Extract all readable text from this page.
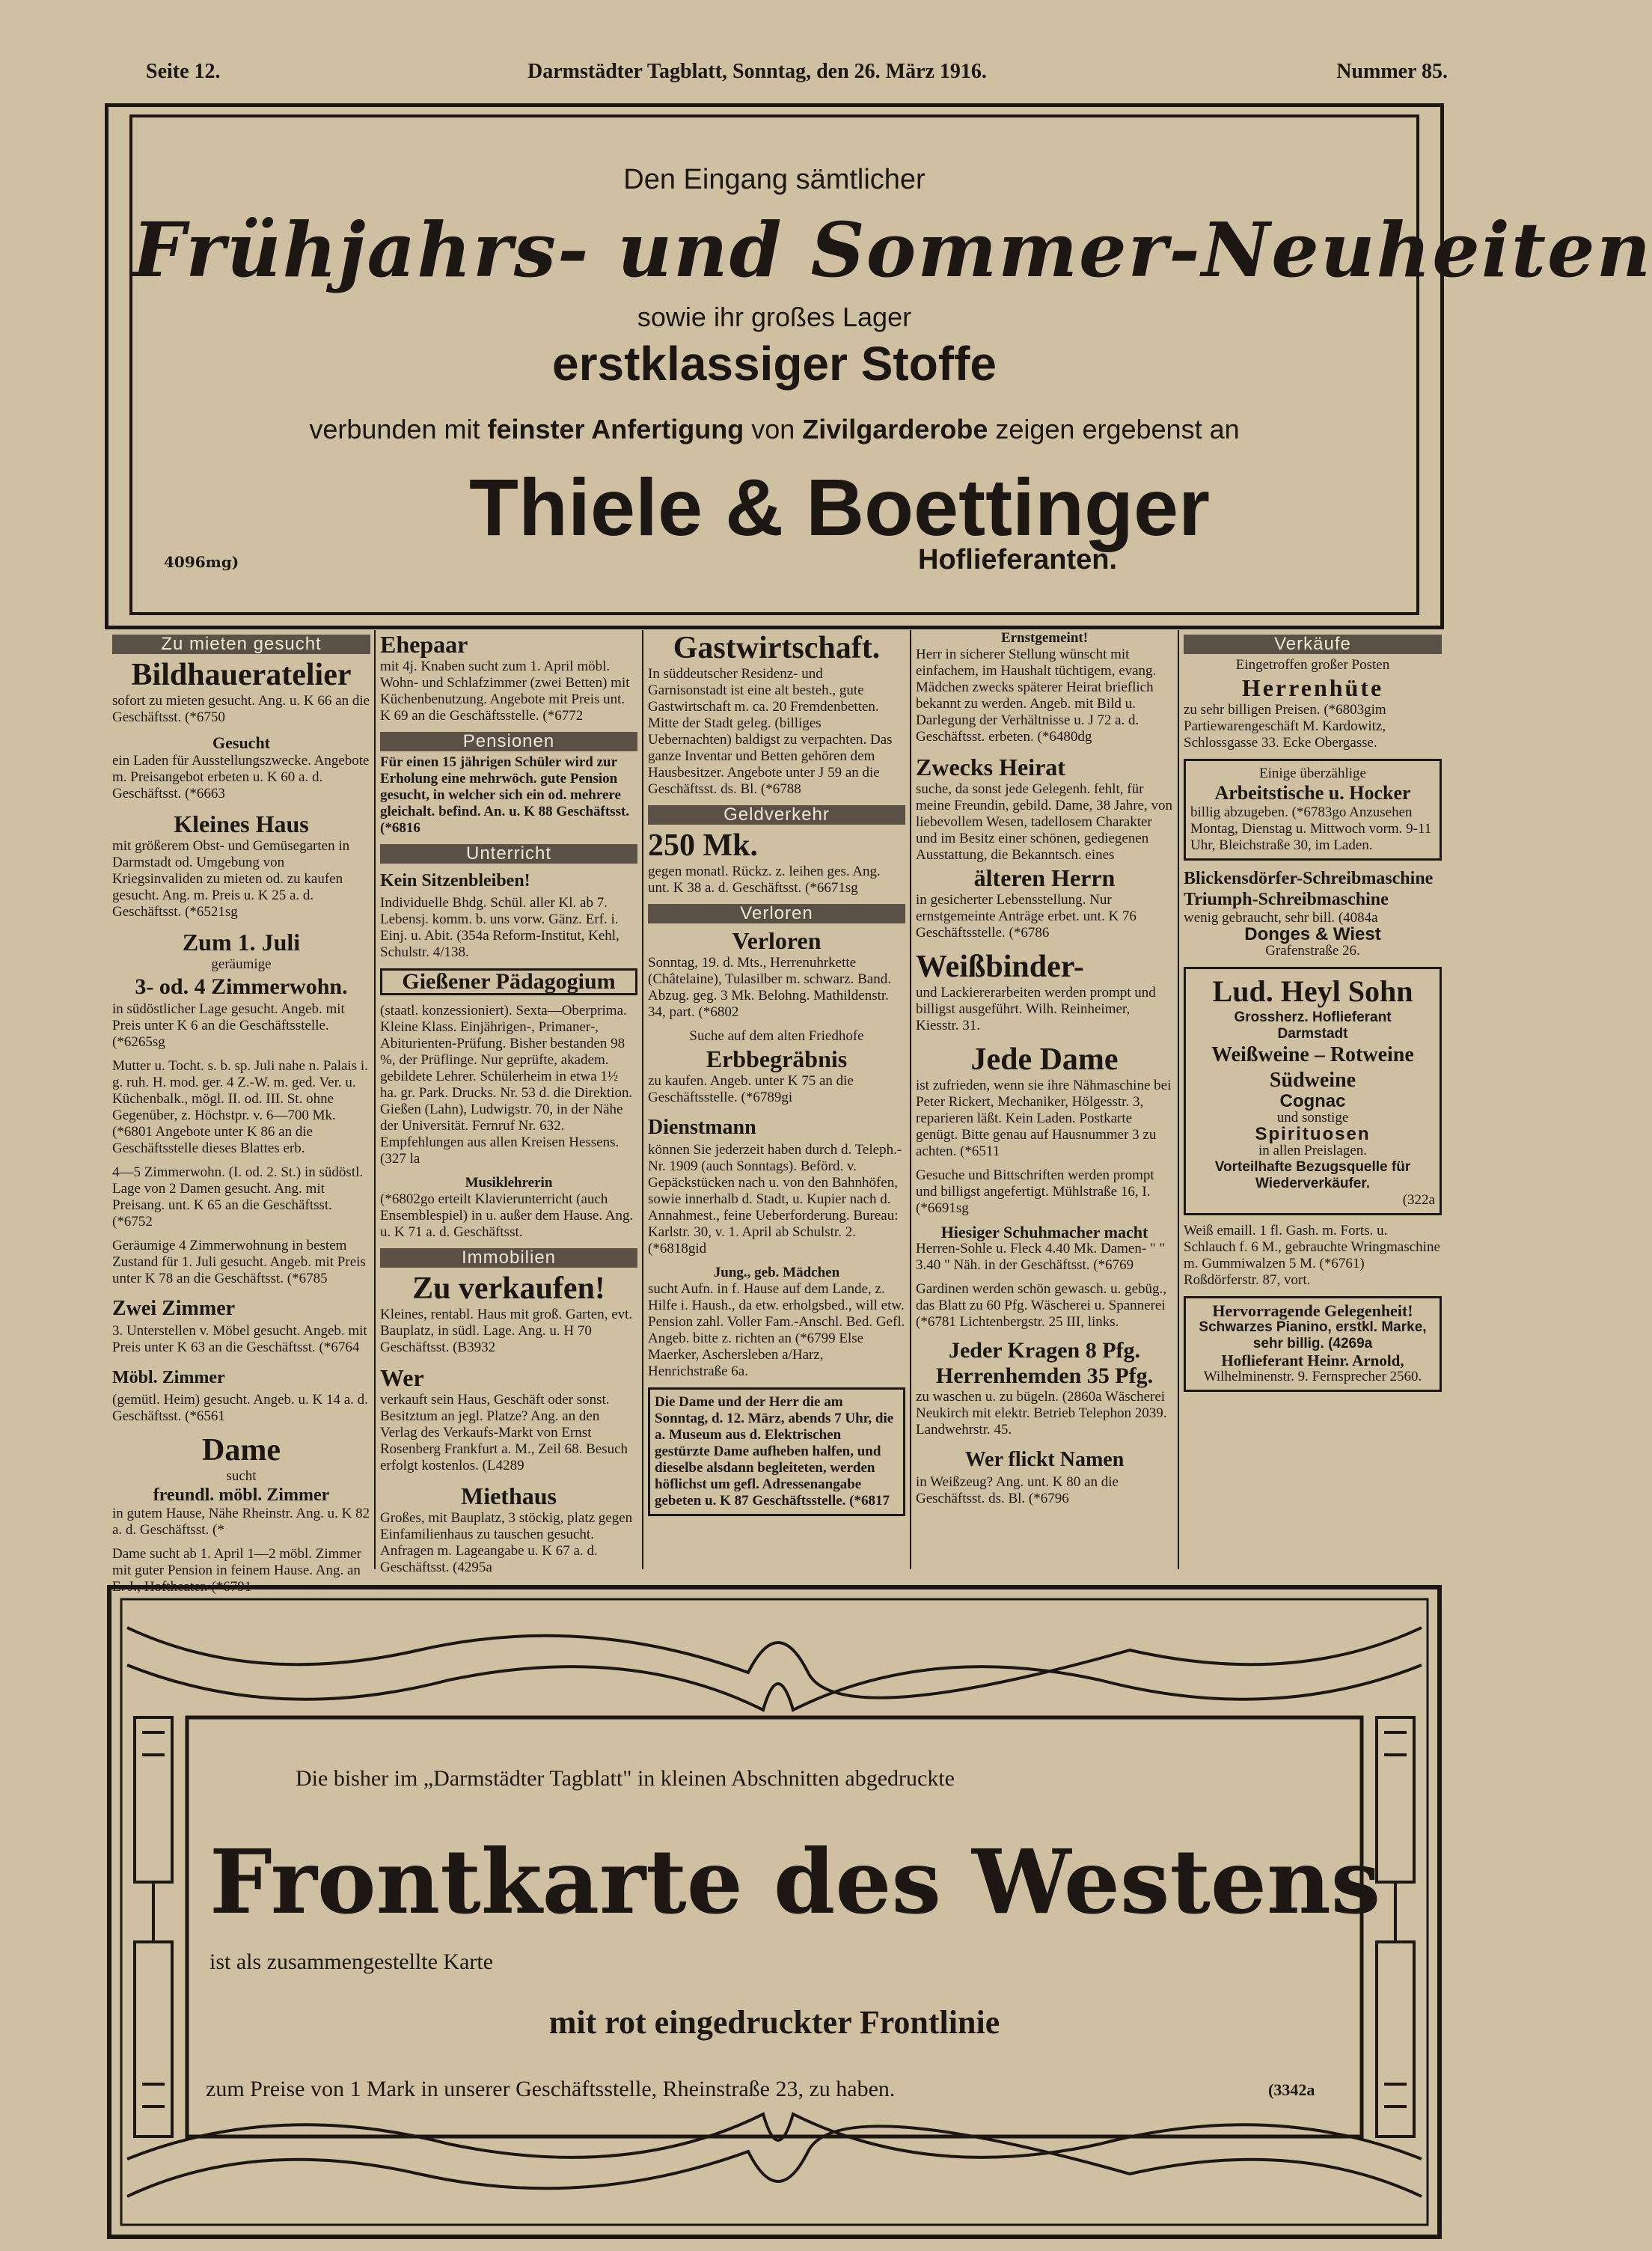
Seite 12.	Darmstädter Tagblatt, Sonntag, den 26. März 1916.	Nummer 85.
Den Eingang sämtlicher
Frühjahrs- und Sommer-Neuheiten
sowie ihr großes Lager
erstklassiger Stoffe
verbunden mit feinster Anfertigung von Zivilgarderobe zeigen ergebenst an
Thiele & Boettinger
Hoflieferanten.
4096mg)
Zu mieten gesucht
Bildhaueratelier

sofort zu mieten gesucht. Ang. u. K 66 an die Geschäftsst. (*6750

Gesucht

ein Laden für Ausstellungszwecke. Angebote m. Preisangebot erbeten u. K 60 a. d. Geschäftsst. (*6663

Kleines Haus

mit größerem Obst- und Gemüsegarten in Darmstadt od. Umgebung von Kriegsinvaliden zu mieten od. zu kaufen gesucht. Ang. m. Preis u. K 25 a. d. Geschäftsst. (*6521sg

Zum 1. Juli
geräumige
3- od. 4 Zimmerwohn.

in südöstlicher Lage gesucht. Angeb. mit Preis unter K 6 an die Geschäftsstelle. (*6265sg

Mutter u. Tocht. s. b. sp. Juli nahe n. Palais i. g. ruh. H. mod. ger. 4 Z.-W. m. ged. Ver. u. Küchenbalk., mögl. II. od. III. St. ohne Gegenüber, z. Höchstpr. v. 6—700 Mk. (*6801 Angebote unter K 86 an die Geschäftsstelle dieses Blattes erb.

4—5 Zimmerwohn. (I. od. 2. St.) in südöstl. Lage von 2 Damen gesucht. Ang. mit Preisang. unt. K 65 an die Geschäftsst. (*6752

Geräumige 4 Zimmerwohnung in bestem Zustand für 1. Juli gesucht. Angeb. mit Preis unter K 78 an die Geschäftsst. (*6785

Zwei Zimmer

3. Unterstellen v. Möbel gesucht. Angeb. mit Preis unter K 63 an die Geschäftsst. (*6764

Möbl. Zimmer

(gemütl. Heim) gesucht. Angeb. u. K 14 a. d. Geschäftsst. (*6561

Dame
sucht
freundl. möbl. Zimmer

in gutem Hause, Nähe Rheinstr. Ang. u. K 82 a. d. Geschäftsst. (*

Dame sucht ab 1. April 1—2 möbl. Zimmer mit guter Pension in feinem Hause. Ang. an E. J., Hoftheater. (*6791

Ehepaar

mit 4j. Knaben sucht zum 1. April möbl. Wohn- und Schlafzimmer (zwei Betten) mit Küchenbenutzung. Angebote mit Preis unt. K 69 an die Geschäftsstelle. (*6772

Pensionen

Für einen 15 jährigen Schüler wird zur Erholung eine mehrwöch. gute Pension gesucht, in welcher sich ein od. mehrere gleichalt. befind. An. u. K 88 Geschäftsst. (*6816

Unterricht
Kein Sitzenbleiben!

Individuelle Bhdg. Schül. aller Kl. ab 7. Lebensj. komm. b. uns vorw. Gänz. Erf. i. Einj. u. Abit. (354a Reform-Institut, Kehl, Schulstr. 4/138.

Gießener Pädagogium

(staatl. konzessioniert). Sexta—Oberprima. Kleine Klass. Einjährigen-, Primaner-, Abiturienten-Prüfung. Bisher bestanden 98 %, der Prüflinge. Nur geprüfte, akadem. gebildete Lehrer. Schülerheim in etwa 1½ ha. gr. Park. Drucks. Nr. 53 d. die Direktion. Gießen (Lahn), Ludwigstr. 70, in der Nähe der Universität. Fernruf Nr. 632. Empfehlungen aus allen Kreisen Hessens. (327 la

Musiklehrerin

(*6802go erteilt Klavierunterricht (auch Ensemblespiel) in u. außer dem Hause. Ang. u. K 71 a. d. Geschäftsst.

Immobilien
Zu verkaufen!

Kleines, rentabl. Haus mit groß. Garten, evt. Bauplatz, in südl. Lage. Ang. u. H 70 Geschäftsst. (B3932

Wer

verkauft sein Haus, Geschäft oder sonst. Besitztum an jegl. Platze? Ang. an den Verlag des Verkaufs-Markt von Ernst Rosenberg Frankfurt a. M., Zeil 68. Besuch erfolgt kostenlos. (L4289

Miethaus

Großes, mit Bauplatz, 3 stöckig, platz gegen Einfamilienhaus zu tauschen gesucht. Anfragen m. Lageangabe u. K 67 a. d. Geschäftsst. (4295a

Gastwirtschaft.

In süddeutscher Residenz- und Garnisonstadt ist eine alt besteh., gute Gastwirtschaft m. ca. 20 Fremdenbetten. Mitte der Stadt geleg. (billiges Uebernachten) baldigst zu verpachten. Das ganze Inventar und Betten gehören dem Hausbesitzer. Angebote unter J 59 an die Geschäftsst. ds. Bl. (*6788

Geldverkehr
250 Mk.

gegen monatl. Rückz. z. leihen ges. Ang. unt. K 38 a. d. Geschäftsst. (*6671sg

Verloren
Verloren

Sonntag, 19. d. Mts., Herrenuhrkette (Châtelaine), Tulasilber m. schwarz. Band. Abzug. geg. 3 Mk. Belohng. Mathildenstr. 34, part. (*6802

Suche auf dem alten Friedhofe
Erbbegräbnis

zu kaufen. Angeb. unter K 75 an die Geschäftsstelle. (*6789gi

Dienstmann

können Sie jederzeit haben durch d. Teleph.-Nr. 1909 (auch Sonntags). Beförd. v. Gepäckstücken nach u. von den Bahnhöfen, sowie innerhalb d. Stadt, u. Kupier nach d. Annahmest., feine Ueberforderung. Bureau: Karlstr. 30, v. 1. April ab Schulstr. 2. (*6818gid

Jung., geb. Mädchen

sucht Aufn. in f. Hause auf dem Lande, z. Hilfe i. Haush., da etw. erholgsbed., will etw. Pension zahl. Voller Fam.-Anschl. Bed. Gefl. Angeb. bitte z. richten an (*6799 Else Maerker, Aschersleben a/Harz, Henrichstraße 6a.

Die Dame und der Herr die am Sonntag, d. 12. März, abends 7 Uhr, die a. Museum aus d. Elektrischen gestürzte Dame aufheben halfen, und dieselbe alsdann begleiteten, werden höflichst um gefl. Adressenangabe gebeten u. K 87 Geschäftsstelle. (*6817

Ernstgemeint!

Herr in sicherer Stellung wünscht mit einfachem, im Haushalt tüchtigem, evang. Mädchen zwecks späterer Heirat brieflich bekannt zu werden. Angeb. mit Bild u. Darlegung der Verhältnisse u. J 72 a. d. Geschäftsst. erbeten. (*6480dg

Zwecks Heirat

suche, da sonst jede Gelegenh. fehlt, für meine Freundin, gebild. Dame, 38 Jahre, von liebevollem Wesen, tadellosem Charakter und im Besitz einer schönen, gediegenen Ausstattung, die Bekanntsch. eines

älteren Herrn

in gesicherter Lebensstellung. Nur ernstgemeinte Anträge erbet. unt. K 76 Geschäftsstelle. (*6786

Weißbinder-

und Lackiererarbeiten werden prompt und billigst ausgeführt. Wilh. Reinheimer, Kiesstr. 31.

Jede Dame

ist zufrieden, wenn sie ihre Nähmaschine bei Peter Rickert, Mechaniker, Hölgesstr. 3, reparieren läßt. Kein Laden. Postkarte genügt. Bitte genau auf Hausnummer 3 zu achten. (*6511

Gesuche und Bittschriften werden prompt und billigst angefertigt. Mühlstraße 16, I. (*6691sg

Hiesiger Schuhmacher macht

Herren-Sohle u. Fleck 4.40 Mk. Damen- " " 3.40 " Näh. in der Geschäftsst. (*6769

Gardinen werden schön gewasch. u. gebüg., das Blatt zu 60 Pfg. Wäscherei u. Spannerei (*6781 Lichtenbergstr. 25 III, links.

Jeder Kragen 8 Pfg.
Herrenhemden 35 Pfg.

zu waschen u. zu bügeln. (2860a Wäscherei Neukirch mit elektr. Betrieb Telephon 2039. Landwehrstr. 45.

Wer flickt Namen

in Weißzeug? Ang. unt. K 80 an die Geschäftsst. ds. Bl. (*6796

Verkäufe
Eingetroffen großer Posten
Herrenhüte

zu sehr billigen Preisen. (*6803gim Partiewarengeschäft M. Kardowitz, Schlossgasse 33. Ecke Obergasse.

Einige überzählige
Arbeitstische u. Hocker

billig abzugeben. (*6783go Anzusehen Montag, Dienstag u. Mittwoch vorm. 9-11 Uhr, Bleichstraße 30, im Laden.

Blickensdörfer-Schreibmaschine
Triumph-Schreibmaschine

wenig gebraucht, sehr bill. (4084a

Donges & Wiest
Grafenstraße 26.
Lud. Heyl Sohn
Grossherz. Hoflieferant
Darmstadt
Weißweine – Rotweine
Südweine
Cognac
und sonstige
Spirituosen
in allen Preislagen.
Vorteilhafte Bezugsquelle für Wiederverkäufer.
(322a

Weiß emaill. 1 fl. Gash. m. Forts. u. Schlauch f. 6 M., gebrauchte Wringmaschine m. Gummiwalzen 5 M. (*6761) Roßdörferstr. 87, vort.

Hervorragende Gelegenheit!
Schwarzes Pianino, erstkl. Marke, sehr billig. (4269a
Hoflieferant Heinr. Arnold,
Wilhelminenstr. 9. Fernsprecher 2560.
Die bisher im „Darmstädter Tagblatt" in kleinen Abschnitten abgedruckte
Frontkarte des Westens
ist als zusammengestellte Karte
mit rot eingedruckter Frontlinie
zum Preise von 1 Mark in unserer Geschäftsstelle, Rheinstraße 23, zu haben.	(3342a
